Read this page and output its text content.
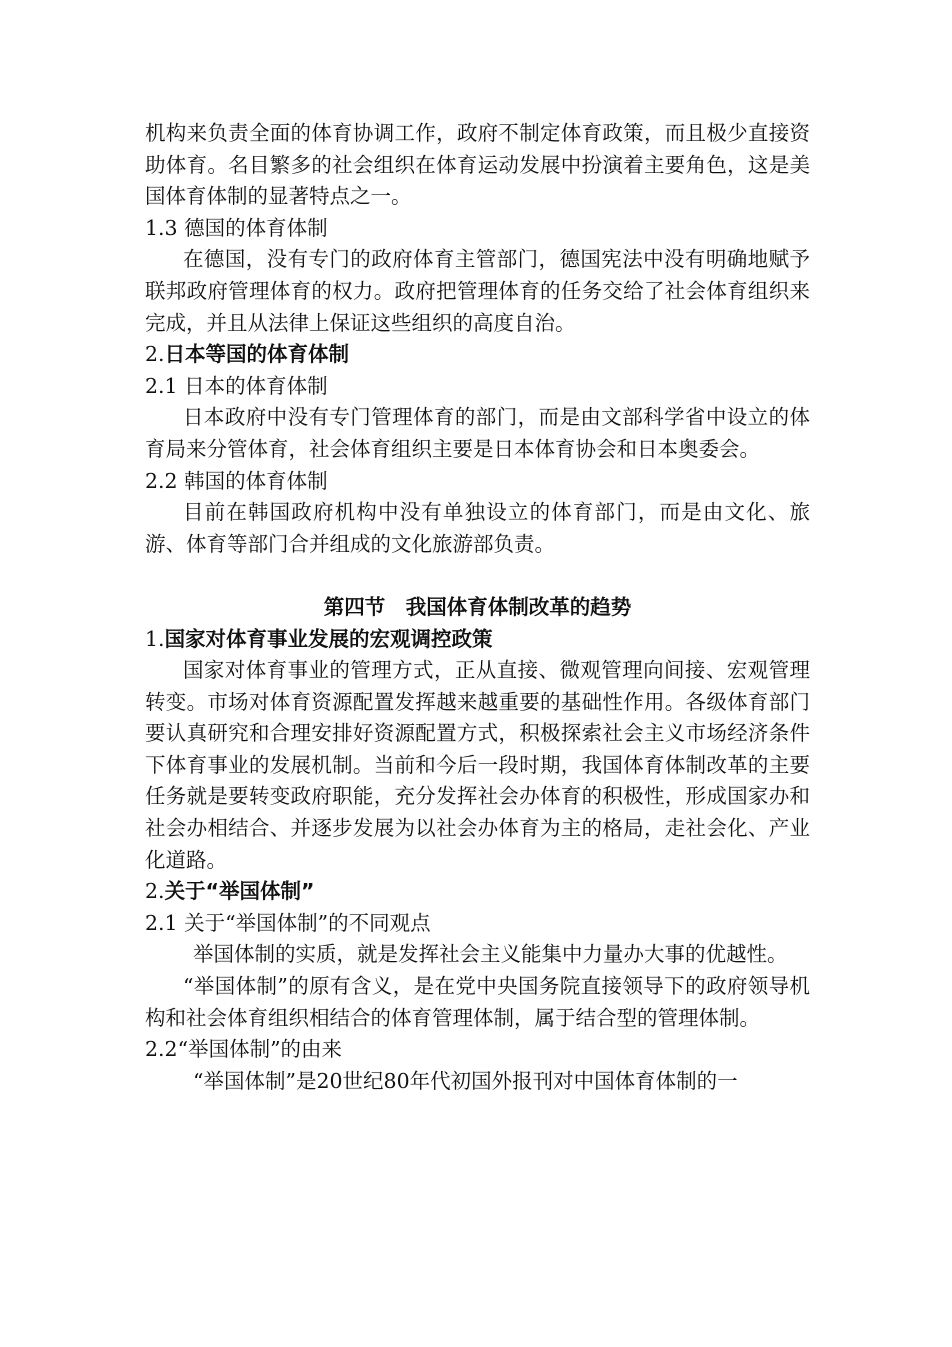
机构来负责全面的体育协调工作，政府不制定体育政策，而且极少直接资助体育。名目繁多的社会组织在体育运动发展中扮演着主要角色，这是美国体育体制的显著特点之一。

1.3 德国的体育体制

在德国，没有专门的政府体育主管部门，德国宪法中没有明确地赋予联邦政府管理体育的权力。政府把管理体育的任务交给了社会体育组织来完成，并且从法律上保证这些组织的高度自治。

2.日本等国的体育体制

2.1 日本的体育体制

日本政府中没有专门管理体育的部门，而是由文部科学省中设立的体育局来分管体育，社会体育组织主要是日本体育协会和日本奥委会。

2.2 韩国的体育体制

目前在韩国政府机构中没有单独设立的体育部门，而是由文化、旅游、体育等部门合并组成的文化旅游部负责。

第四节　我国体育体制改革的趋势

1.国家对体育事业发展的宏观调控政策

国家对体育事业的管理方式，正从直接、微观管理向间接、宏观管理转变。市场对体育资源配置发挥越来越重要的基础性作用。各级体育部门要认真研究和合理安排好资源配置方式，积极探索社会主义市场经济条件下体育事业的发展机制。当前和今后一段时期，我国体育体制改革的主要任务就是要转变政府职能，充分发挥社会办体育的积极性，形成国家办和社会办相结合、并逐步发展为以社会办体育为主的格局，走社会化、产业化道路。

2.关于“举国体制”

2.1 关于“举国体制”的不同观点

举国体制的实质，就是发挥社会主义能集中力量办大事的优越性。

“举国体制”的原有含义，是在党中央国务院直接领导下的政府领导机构和社会体育组织相结合的体育管理体制，属于结合型的管理体制。

2.2“举国体制”的由来

“举国体制”是20世纪80年代初国外报刊对中国体育体制的一
